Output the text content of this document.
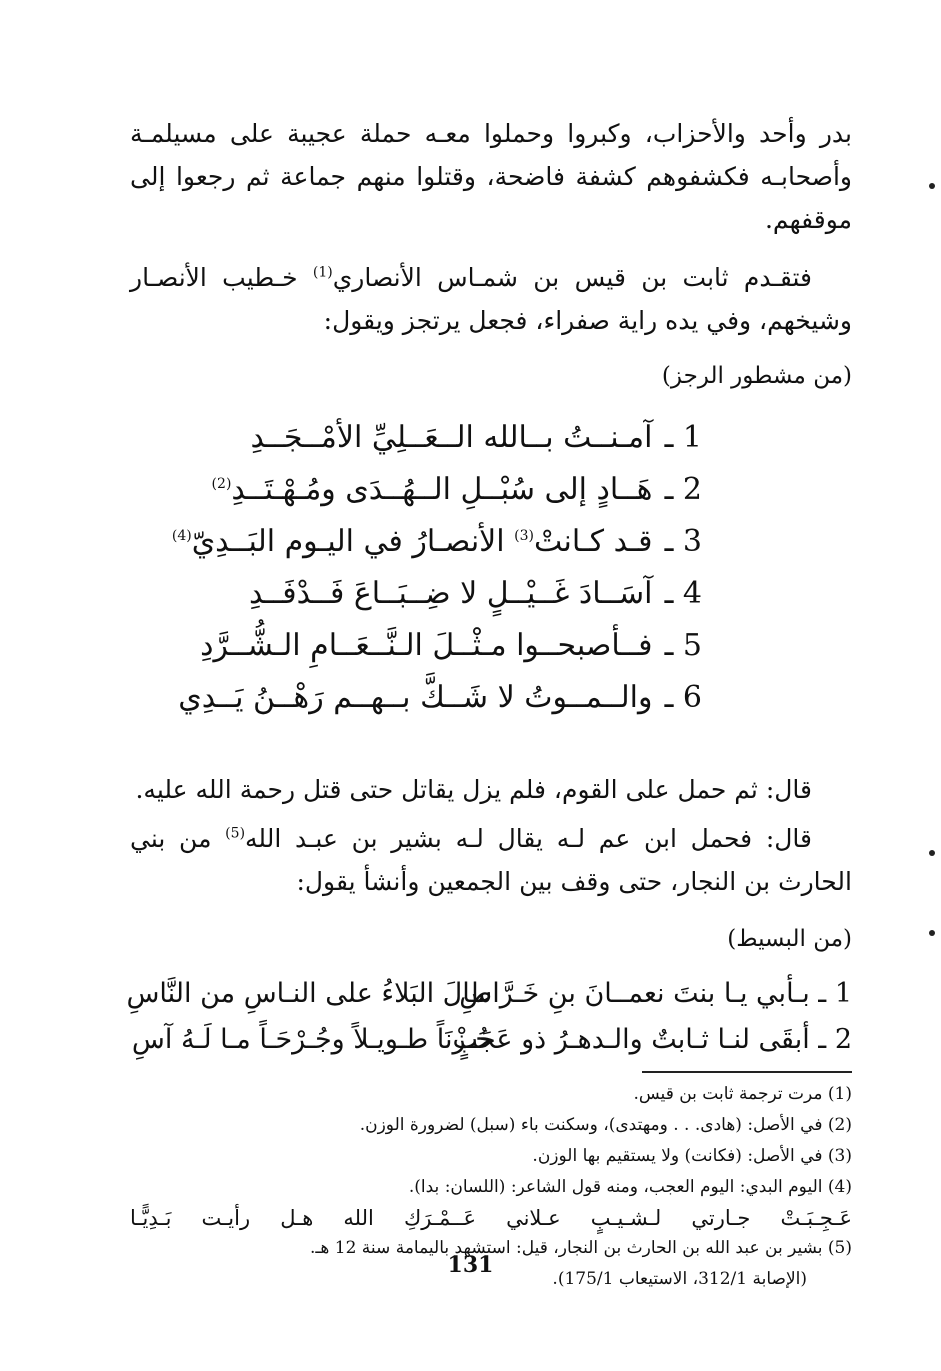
بدر وأحد والأحزاب، وكبروا وحملوا معـه حملة عجيبة على مسيلمـة وأصحابـه فكشفوهم كشفة فاضحة، وقتلوا منهم جماعة ثم رجعوا إلى موقفهم.

فتقـدم ثابت بن قيس بن شمـاس الأنصاري$^{(1)}$ خـطيب الأنصـار وشيخهم، وفي يده راية صفراء، فجعل يرتجز ويقول:

(من مشطور الرجز)

1 ـ آمـنــتُ بــالله الــعَــلِيِّ الأمْــجَــدِ
2 ـ هَــادٍ إلى سُبْــلِ الــهُــدَى ومُـهْـتَــدِ$^{(2)}$
3 ـ قـد كـانتْ$^{(3)}$ الأنصـارُ في اليـوم البَــدِيّ$^{(4)}$
4 ـ آسَــادَ غَــيْــلٍ لا ضِــبَــاعَ فَــدْفَــدِ
5 ـ فــأصبحــوا مـثْــلَ الـنَّــعَــامِ الـشُّــرَّدِ
6 ـ والــمــوتُ لا شَــكَّ بــهــم رَهْــنُ يَــدِي

قال: ثم حمل على القوم، فلم يزل يقاتل حتى قتل رحمة الله عليه.

قال: فحمل ابن عم لـه يقال لـه بشير بن عبـد الله$^{(5)}$ من بني الحارث بن النجار، حتى وقف بين الجمعين وأنشأ يقول:

(من البسيط)

1 ـ بـأبي يـا بنتَ نعمــانَ بنِ خَـرَّاسِ
طالَ البَلاءُ على النـاسِ من النَّاسِ
2 ـ أبقَى لنـا ثـابتٌ والـدهـرُ ذو عَجَبٍ
حُـزْنَاً طـويـلاً وجُـرْحَـاً مـا لَـهُ آسِ
(1) مرت ترجمة ثابت بن قيس.
(2) في الأصل: (هادى. . . ومهتدى)، وسكنت باء (سبل) لضرورة الوزن.
(3) في الأصل: (فكانت) ولا يستقيم بها الوزن.
(4) اليوم البدي: اليوم العجب، ومنه قول الشاعر: (اللسان: بدا).
عَـجِـبَـتْ جـارتي لـشـيـبٍ عـلاني عَــمْـرَكِ الله هـل رأيـت بَـدِيًّـا
(5) بشير بن عبد الله بن الحارث بن النجار، قيل: استشهد باليمامة سنة 12 هـ.
(الإصابة 312/1، الاستيعاب 175/1).
131
